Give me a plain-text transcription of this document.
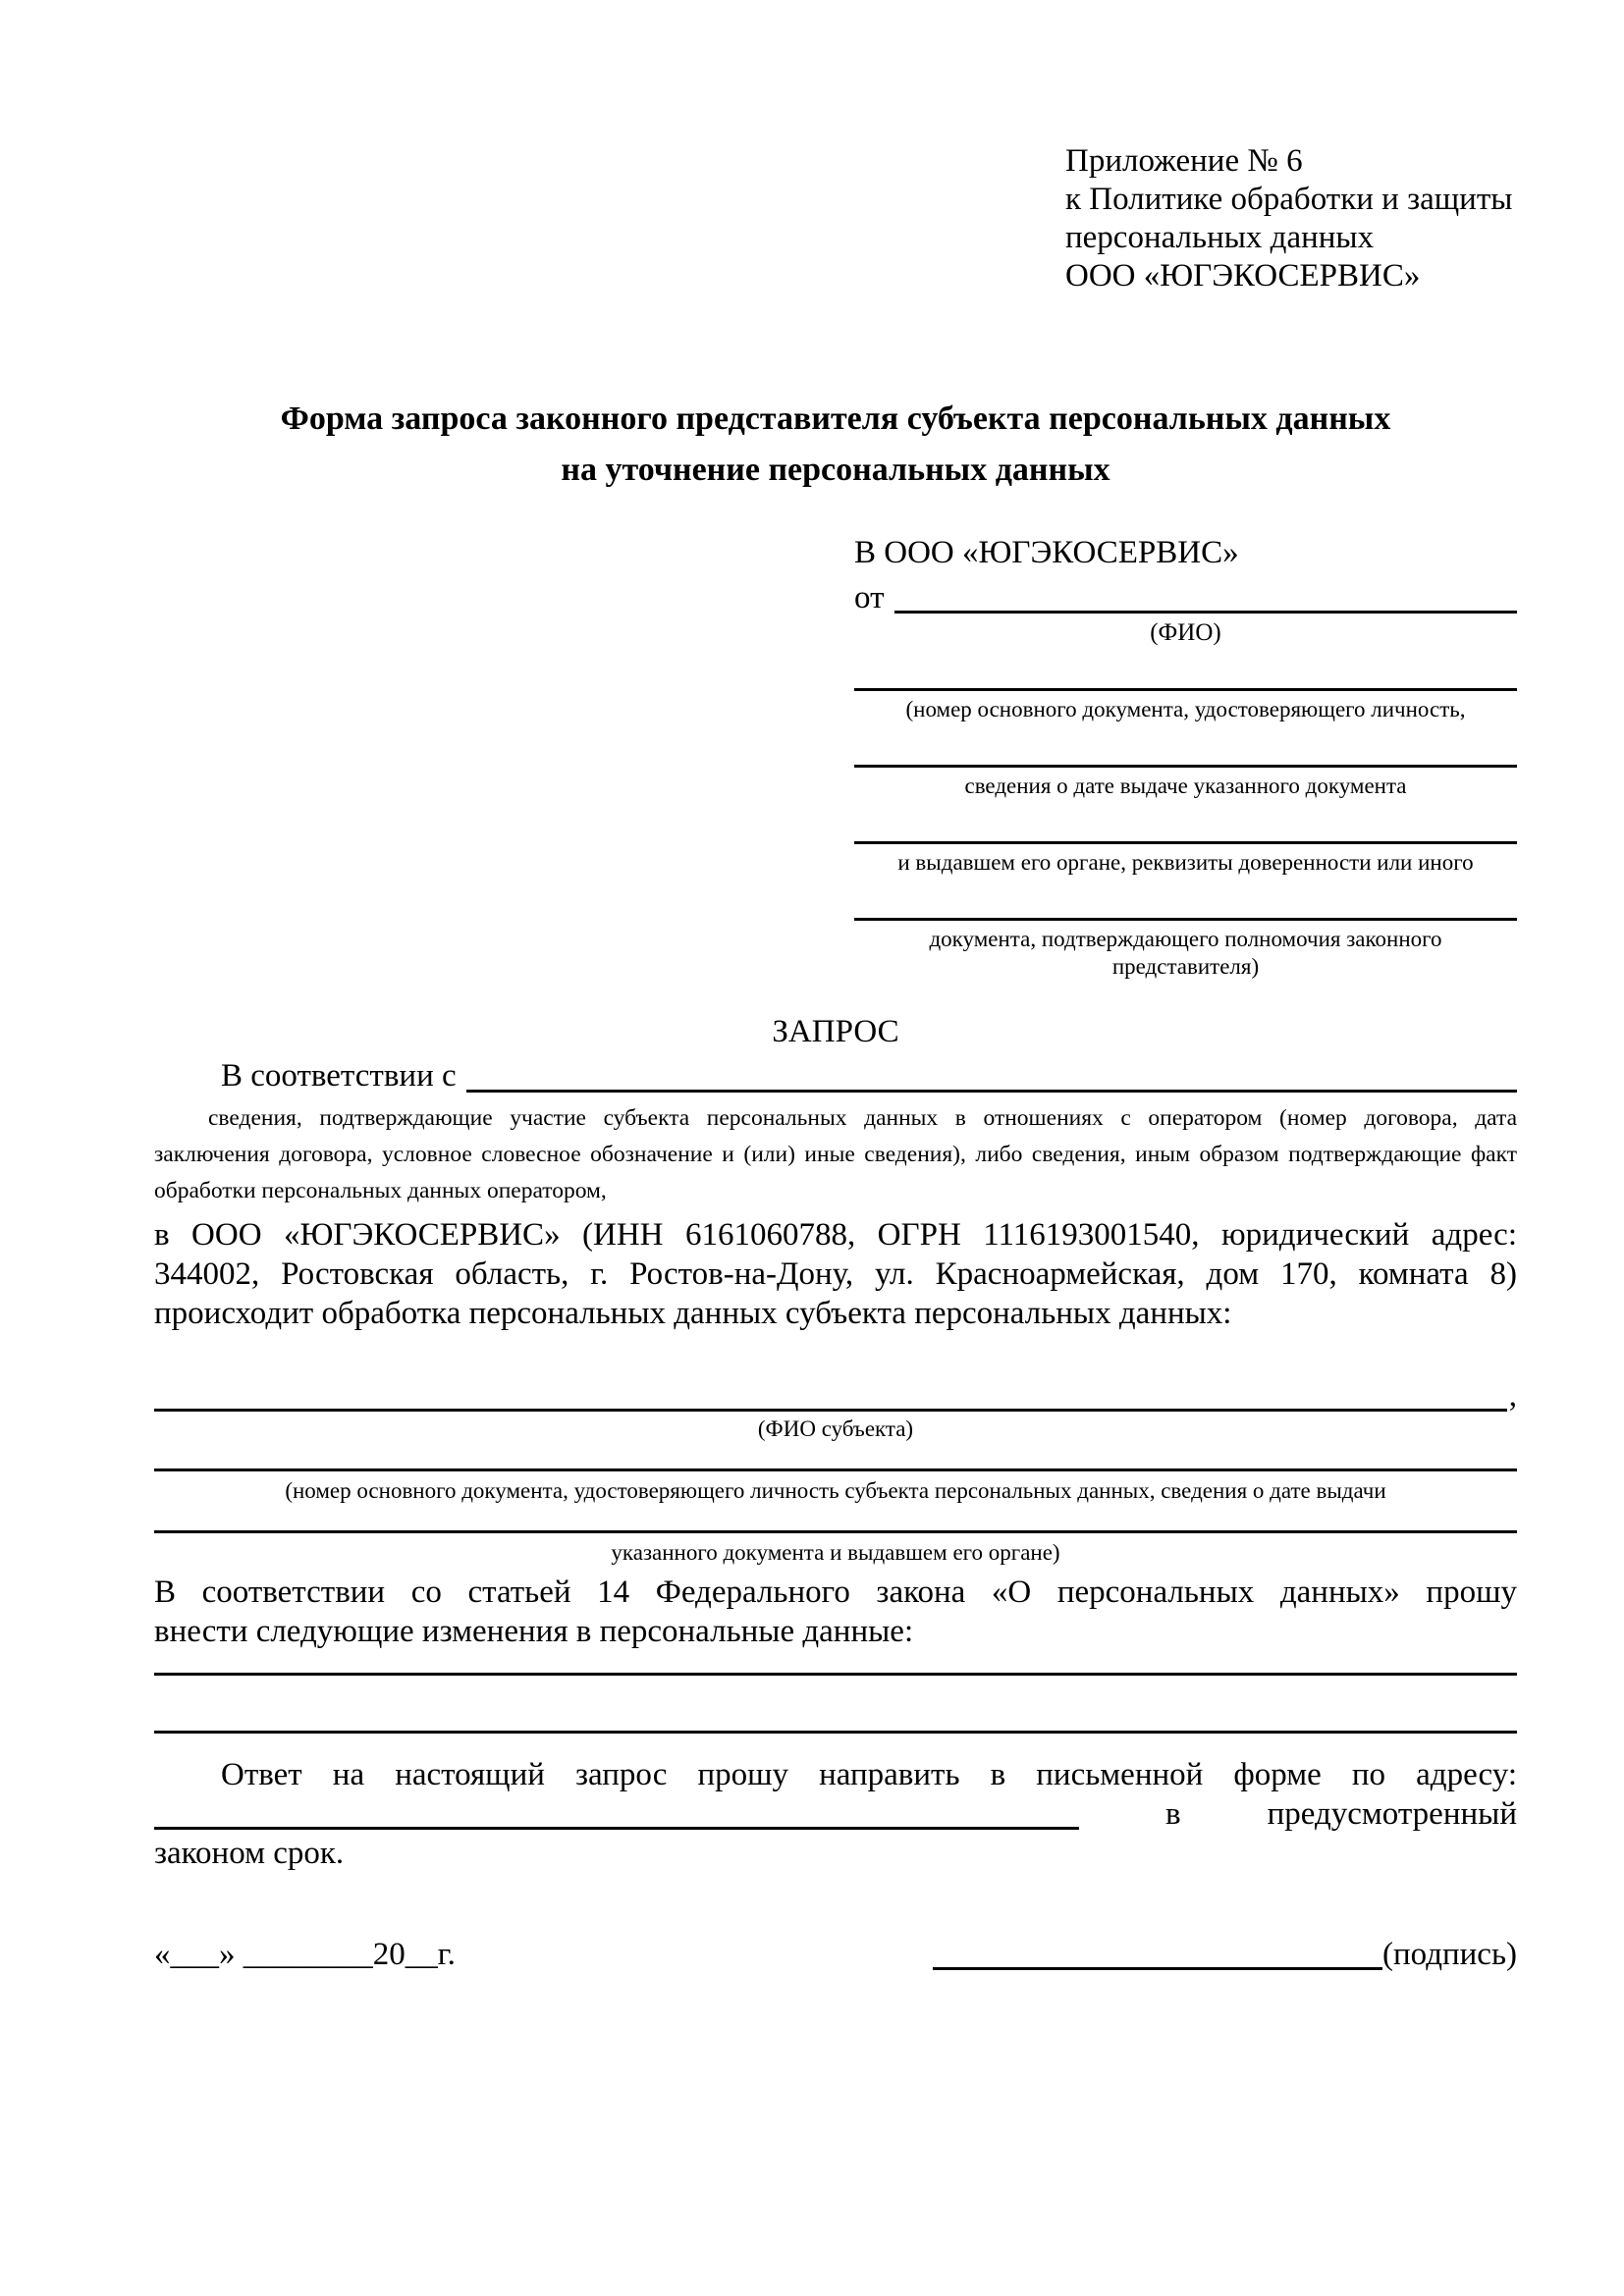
Приложение № 6
к Политике обработки и защиты
персональных данных
ООО «ЮГЭКОСЕРВИС»
Форма запроса законного представителя субъекта персональных данных
на уточнение персональных данных
В ООО «ЮГЭКОСЕРВИС»
от
(ФИО)
(номер основного документа, удостоверяющего личность,
сведения о дате выдаче указанного документа
и выдавшем его органе, реквизиты доверенности или иного
документа, подтверждающего полномочия законного представителя)
ЗАПРОС
В соответствии с
сведения, подтверждающие участие субъекта персональных данных в отношениях с оператором (номер договора, дата
заключения договора, условное словесное обозначение и (или) иные сведения), либо сведения, иным образом подтверждающие факт
обработки персональных данных оператором,
в ООО «ЮГЭКОСЕРВИС» (ИНН 6161060788, ОГРН 1116193001540, юридический адрес:
344002, Ростовская область, г. Ростов-на-Дону, ул. Красноармейская, дом 170, комната 8)
происходит обработка персональных данных субъекта персональных данных:
,
(ФИО субъекта)
(номер основного документа, удостоверяющего личность субъекта персональных данных, сведения о дате выдачи
указанного документа и выдавшем его органе)
В соответствии со статьей 14 Федерального закона «О персональных данных» прошу
внести следующие изменения в персональные данные:
Ответ на настоящий запрос прошу направить в письменной форме по адресу:
в	предусмотренный
законом срок.
«___» ________20__г.	(подпись)
